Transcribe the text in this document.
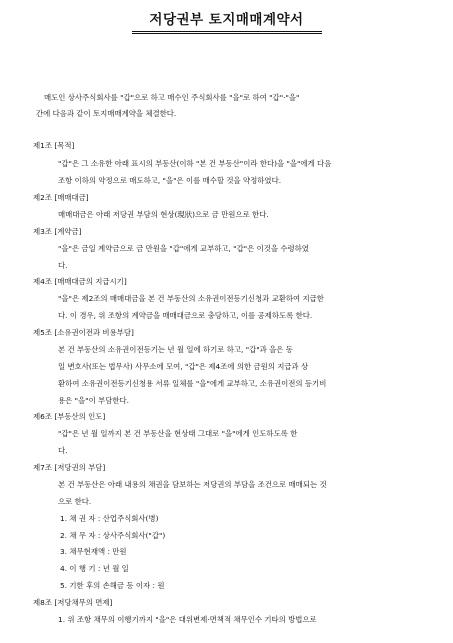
저당권부 토지매매계약서
매도인 상사주식회사를 "갑"으로 하고 매수인 주식회사를 "을"로 하여 "갑"·"을"
간에 다음과 같이 토지매매계약을 체결한다.
제1조 [목적]
"갑"은 그 소유한 아래 표시의 부동산(이하 "본 건 부동산"이라 한다)을 "을"에게 다음
조항 이하의 약정으로 매도하고, "을"은 이를 매수할 것을 약정하였다.
제2조 [매매대금]
매매대금은 아래 저당권 부담의 현상(現狀)으로 금 만원으로 한다.
제3조 [계약금]
"을"은 금일 계약금으로 금 만원을 "갑"에게 교부하고, "갑"은 이것을 수령하였
다.
제4조 [매매대금의 지급시기]
"을"은 제2조의 매매대금을 본 건 부동산의 소유권이전등기신청과 교환하여 지급한
다. 이 경우, 위 조항의 계약금을 매매대금으로 충당하고, 이를 공제하도록 한다.
제5조 [소유권이전과 비용부담]
본 건 부동산의 소유권이전등기는 년 월 일에 하기로 하고, "갑"과 을은 동
일 변호사(또는 법무사) 사무소에 모여, "갑"은 제4조에 의한 금원의 지급과 상
환하여 소유권이전등기신청용 서류 일체를 "을"에게 교부하고, 소유권이전의 등기비
용은 "을"이 부담한다.
제6조 [부동산의 인도]
"갑"은 년 월 일까지 본 건 부동산을 현상태 그대로 "을"에게 인도하도록 한
다.
제7조 [저당권의 부담]
본 건 부동산은 아래 내용의 채권을 담보하는 저당권의 부담을 조건으로 매매되는 것
으로 한다.
1. 채 권 자 : 산업주식회사(병)
2. 채 무 자 : 상사주식회사("갑")
3. 채무현재액 : 만원
4. 이 행 기 : 년 월 일
5. 기한 후의 손해금 등 이자 : 원
제8조 [저당채무의 면제]
1. 위 조항 채무의 이행기까지 "을"은 대위변제·면책적 채무인수 기타의 방법으로
